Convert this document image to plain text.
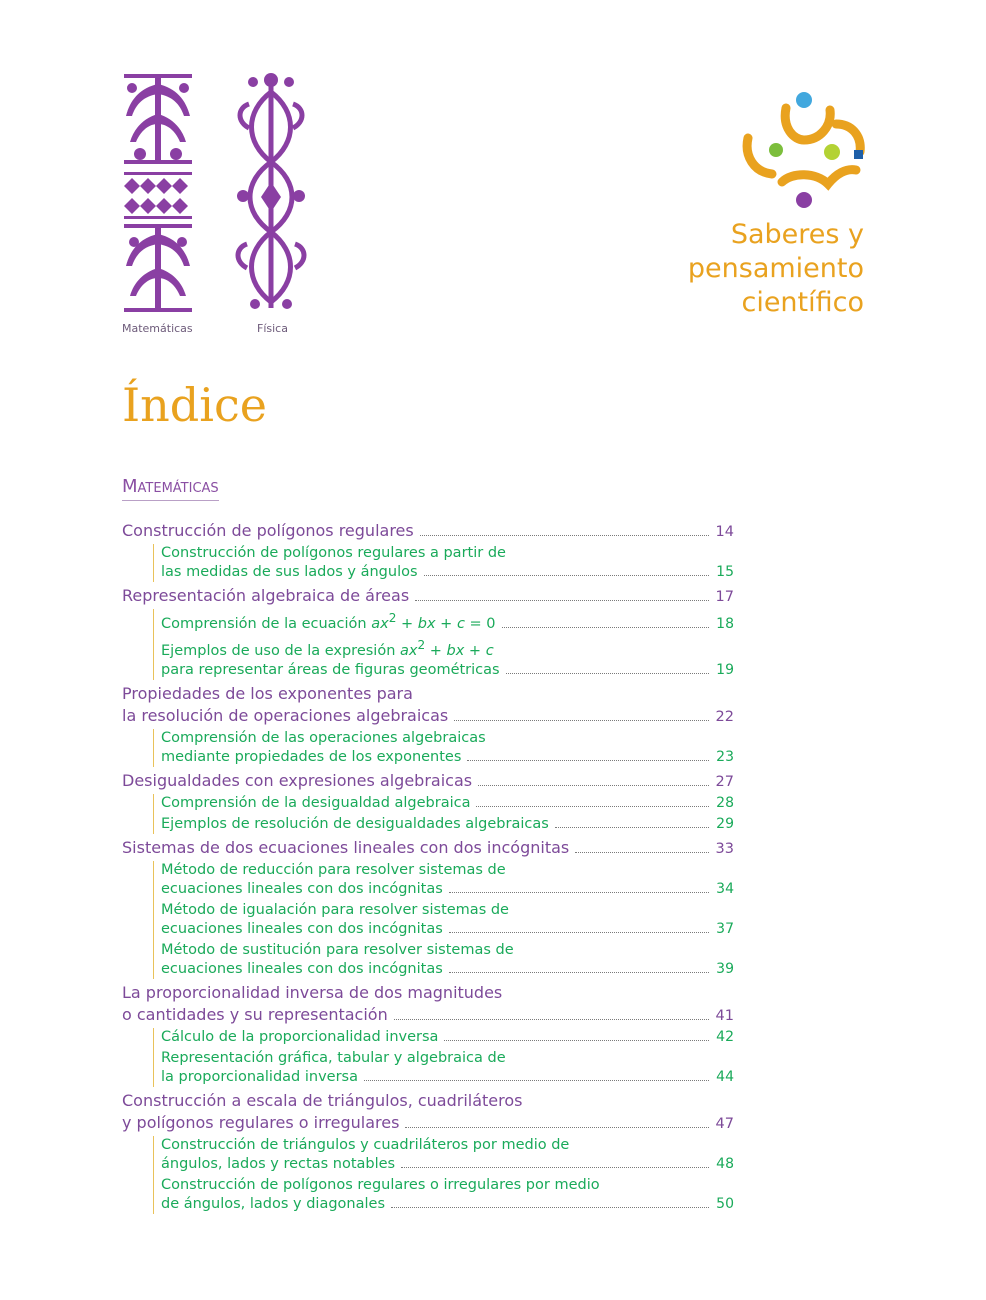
Matemáticas	Física
Saberes y
pensamiento
científico
Índice
Matemáticas
Construcción de polígonos regulares	14
Construcción de polígonos regulares a partir de
las medidas de sus lados y ángulos	15
Representación algebraica de áreas	17
Comprensión de la ecuación $ax^2$ + bx + c = 0	18
Ejemplos de uso de la expresión $ax^2$ + bx + c
para representar áreas de figuras geométricas	19
Propiedades de los exponentes para
la resolución de operaciones algebraicas	22
Comprensión de las operaciones algebraicas
mediante propiedades de los exponentes	23
Desigualdades con expresiones algebraicas	27
Comprensión de la desigualdad algebraica	28
Ejemplos de resolución de desigualdades algebraicas	29
Sistemas de dos ecuaciones lineales con dos incógnitas	33
Método de reducción para resolver sistemas de
ecuaciones lineales con dos incógnitas	34
Método de igualación para resolver sistemas de
ecuaciones lineales con dos incógnitas	37
Método de sustitución para resolver sistemas de
ecuaciones lineales con dos incógnitas	39
La proporcionalidad inversa de dos magnitudes
o cantidades y su representación	41
Cálculo de la proporcionalidad inversa	42
Representación gráfica, tabular y algebraica de
la proporcionalidad inversa	44
Construcción a escala de triángulos, cuadriláteros
y polígonos regulares o irregulares	47
Construcción de triángulos y cuadriláteros por medio de
ángulos, lados y rectas notables	48
Construcción de polígonos regulares o irregulares por medio
de ángulos, lados y diagonales	50
